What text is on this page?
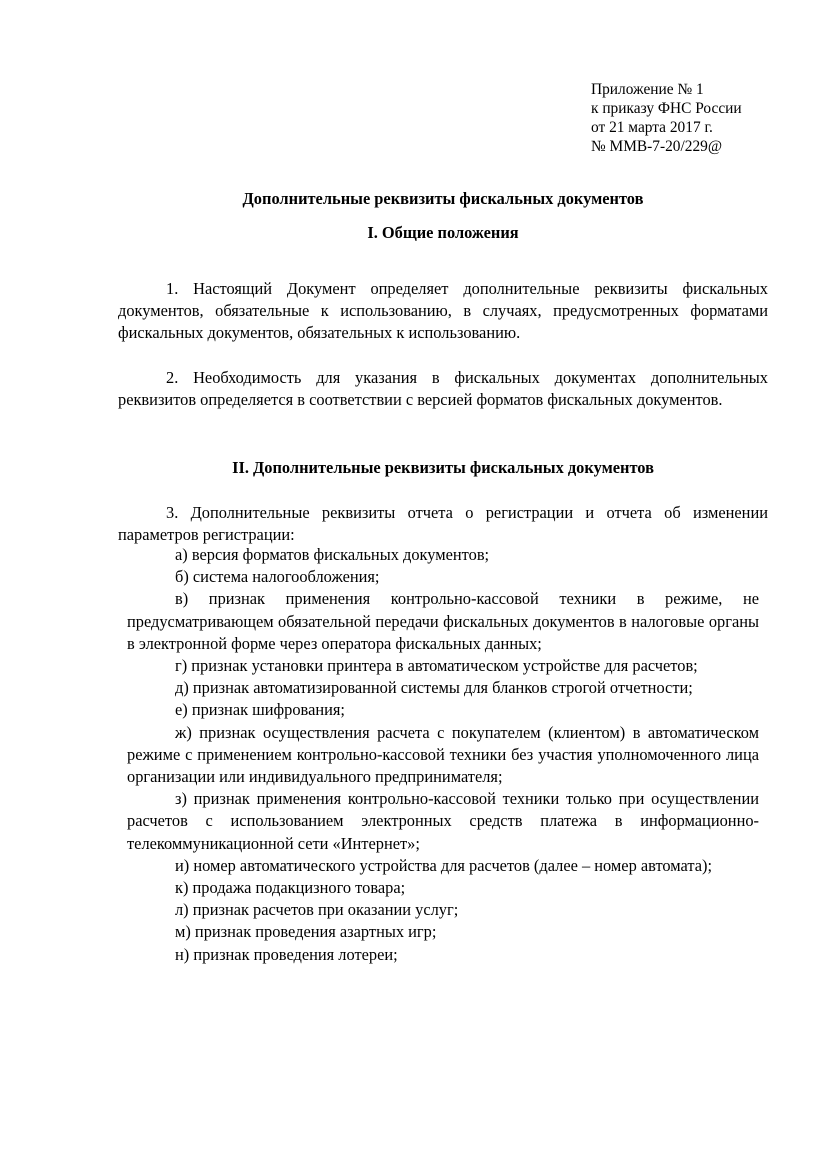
Приложение № 1
к приказу ФНС России
от 21 марта 2017 г.
№ ММВ-7-20/229@
Дополнительные реквизиты фискальных документов
I. Общие положения
1. Настоящий Документ определяет дополнительные реквизиты фискальных документов, обязательные к использованию, в случаях, предусмотренных форматами фискальных документов, обязательных к использованию.
2. Необходимость для указания в фискальных документах дополнительных реквизитов определяется в соответствии с версией форматов фискальных документов.
II. Дополнительные реквизиты фискальных документов
3. Дополнительные реквизиты отчета о регистрации и отчета об изменении параметров регистрации:
а) версия форматов фискальных документов;
б) система налогообложения;
в) признак применения контрольно-кассовой техники в режиме, не предусматривающем обязательной передачи фискальных документов в налоговые органы в электронной форме через оператора фискальных данных;
г) признак установки принтера в автоматическом устройстве для расчетов;
д) признак автоматизированной системы для бланков строгой отчетности;
е) признак шифрования;
ж) признак осуществления расчета с покупателем (клиентом) в автоматическом режиме с применением контрольно-кассовой техники без участия уполномоченного лица организации или индивидуального предпринимателя;
з) признак применения контрольно-кассовой техники только при осуществлении расчетов с использованием электронных средств платежа в информационно-телекоммуникационной сети «Интернет»;
и) номер автоматического устройства для расчетов (далее – номер автомата);
к) продажа подакцизного товара;
л) признак расчетов при оказании услуг;
м) признак проведения азартных игр;
н) признак проведения лотереи;
